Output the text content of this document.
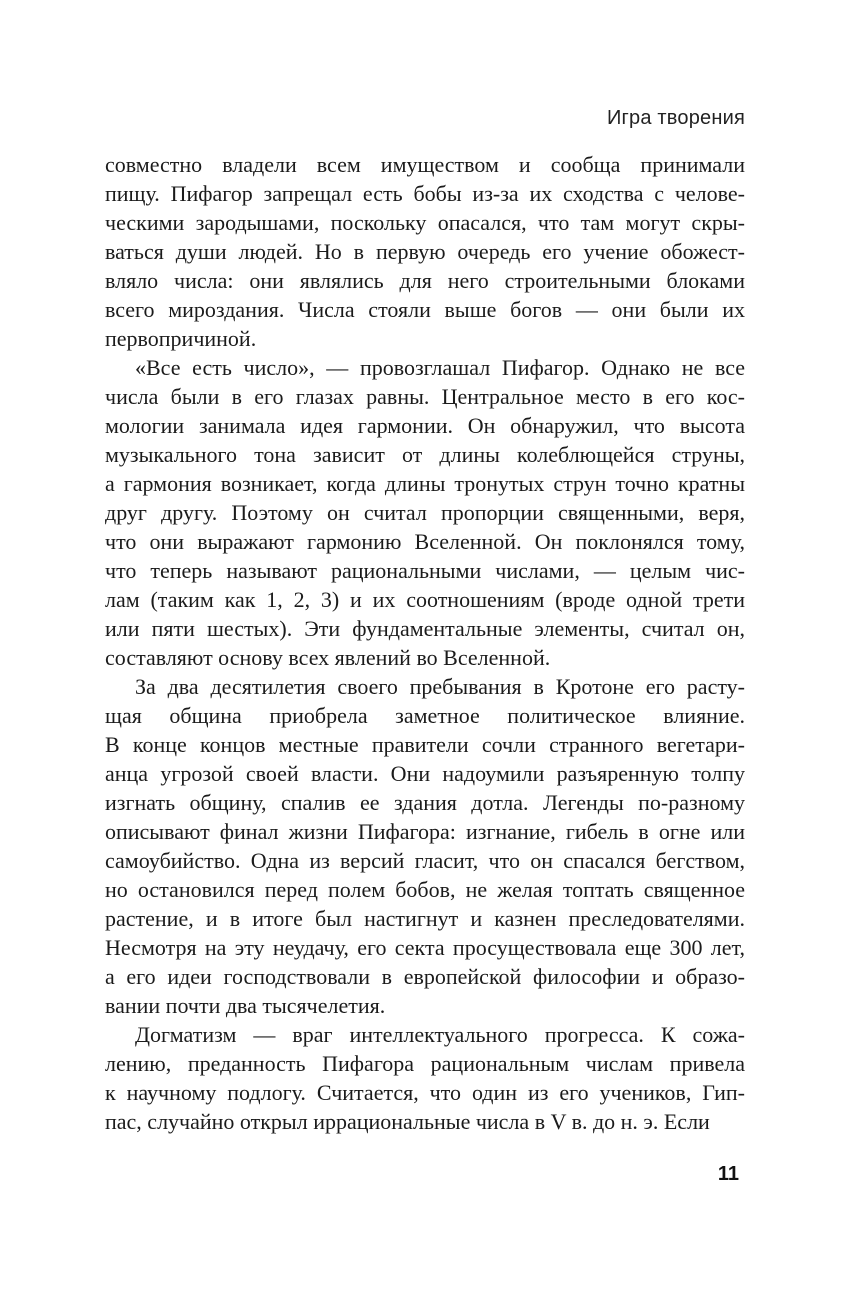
Игра творения
совместно владели всем имуществом и сообща принимали
пищу. Пифагор запрещал есть бобы из-за их сходства с челове-
ческими зародышами, поскольку опасался, что там могут скры-
ваться души людей. Но в первую очередь его учение обожест-
вляло числа: они являлись для него строительными блоками
всего мироздания. Числа стояли выше богов — они были их
первопричиной.
«Все есть число», — провозглашал Пифагор. Однако не все
числа были в его глазах равны. Центральное место в его кос-
мологии занимала идея гармонии. Он обнаружил, что высота
музыкального тона зависит от длины колеблющейся струны,
а гармония возникает, когда длины тронутых струн точно кратны
друг другу. Поэтому он считал пропорции священными, веря,
что они выражают гармонию Вселенной. Он поклонялся тому,
что теперь называют рациональными числами, — целым чис-
лам (таким как 1, 2, 3) и их соотношениям (вроде одной трети
или пяти шестых). Эти фундаментальные элементы, считал он,
составляют основу всех явлений во Вселенной.
За два десятилетия своего пребывания в Кротоне его расту-
щая община приобрела заметное политическое влияние.
В конце концов местные правители сочли странного вегетари-
анца угрозой своей власти. Они надоумили разъяренную толпу
изгнать общину, спалив ее здания дотла. Легенды по-разному
описывают финал жизни Пифагора: изгнание, гибель в огне или
самоубийство. Одна из версий гласит, что он спасался бегством,
но остановился перед полем бобов, не желая топтать священное
растение, и в итоге был настигнут и казнен преследователями.
Несмотря на эту неудачу, его секта просуществовала еще 300 лет,
а его идеи господствовали в европейской философии и образо-
вании почти два тысячелетия.
Догматизм — враг интеллектуального прогресса. К сожа-
лению, преданность Пифагора рациональным числам привела
к научному подлогу. Считается, что один из его учеников, Гип-
пас, случайно открыл иррациональные числа в V в. до н. э. Если
11
